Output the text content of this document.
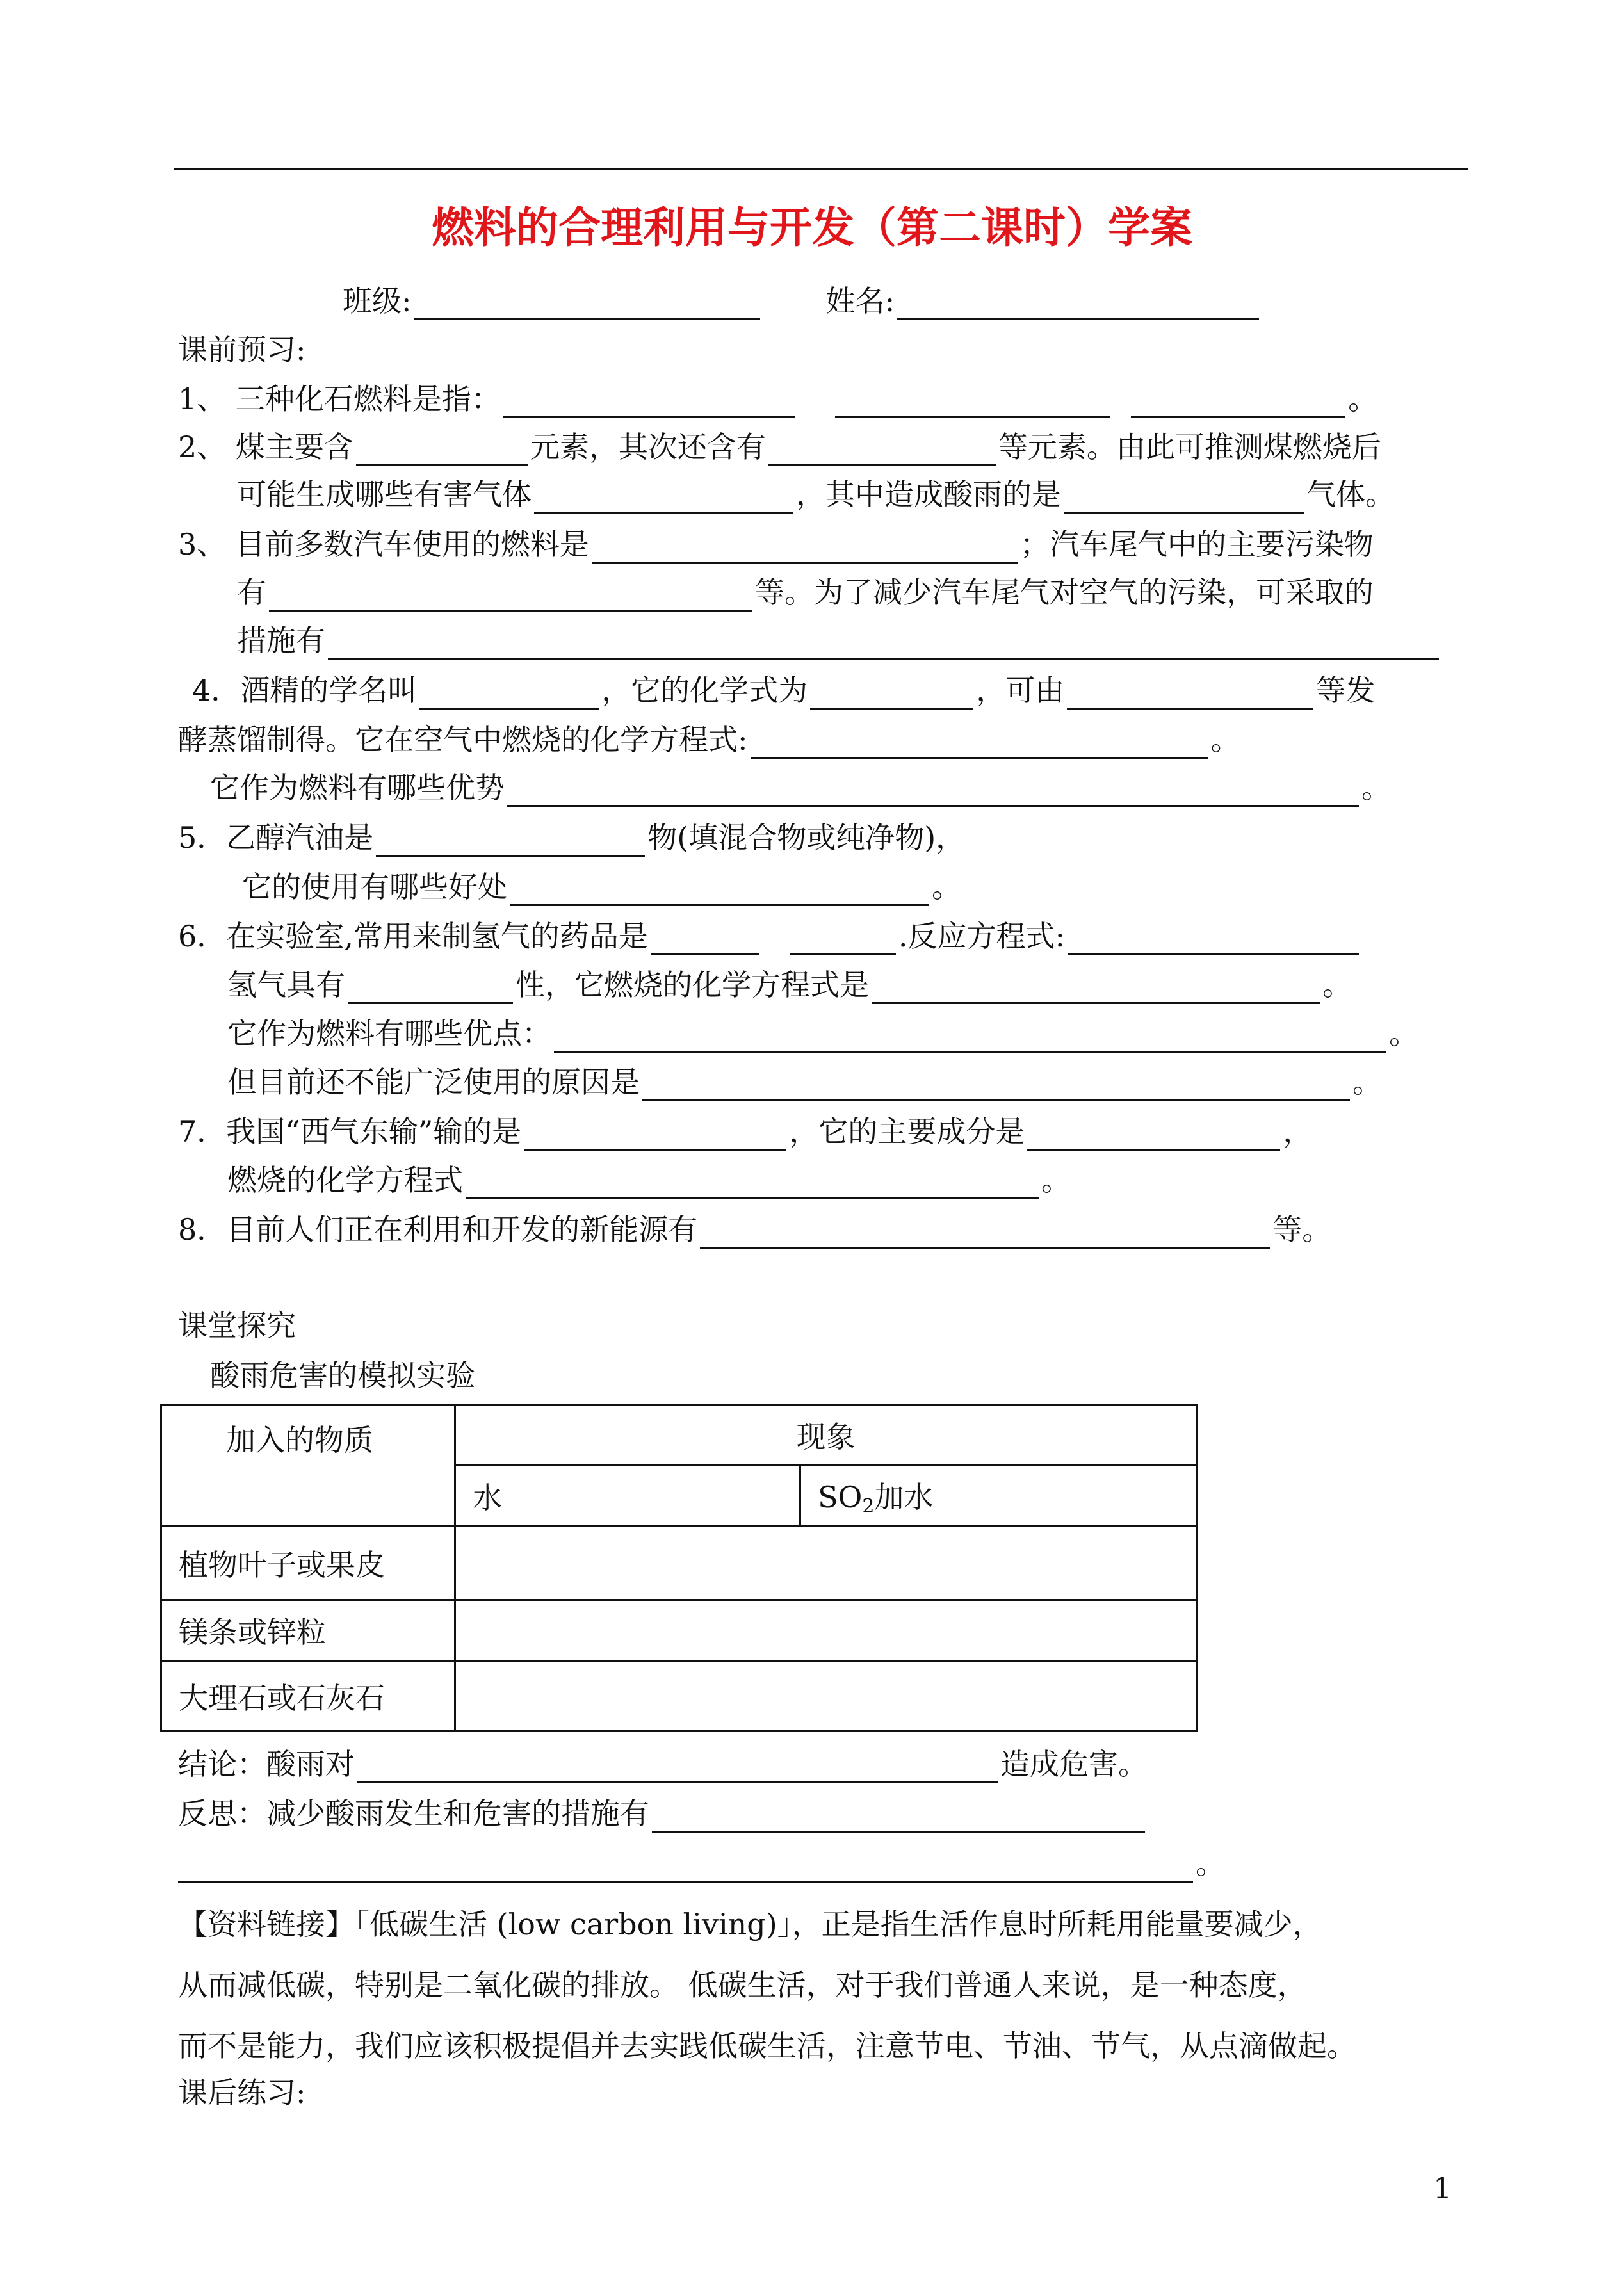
燃料的合理利用与开发（第二课时）学案
班级:	姓名:
课前预习:
1、 三种化石燃料是指：	。
2、 煤主要含	元素，其次还含有	等元素。由此可推测煤燃烧后
可能生成哪些有害气体	，其中造成酸雨的是	气体。
3、 目前多数汽车使用的燃料是	；汽车尾气中的主要污染物
有	等。为了减少汽车尾气对空气的污染，可采取的
措施有
4．酒精的学名叫	，它的化学式为	，可由	等发
酵蒸馏制得。它在空气中燃烧的化学方程式:	。
它作为燃料有哪些优势	。
5．乙醇汽油是	物(填混合物或纯净物)，
它的使用有哪些好处	。
6．在实验室,常用来制氢气的药品是	.反应方程式:
氢气具有	性，它燃烧的化学方程式是	。
它作为燃料有哪些优点：	。
但目前还不能广泛使用的原因是	。
7．我国“西气东输”输的是	，它的主要成分是	，
燃烧的化学方程式	。
8．目前人们正在利用和开发的新能源有	等。
课堂探究
酸雨危害的模拟实验
加入的物质	现象	
	水	$SO_2$加水
植物叶子或果皮		
镁条或锌粒		
大理石或石灰石		
结论：酸雨对	造成危害。
反思：减少酸雨发生和危害的措施有
。
【资料链接】「低碳生活 (low carbon living)」，正是指生活作息时所耗用能量要减少，
从而减低碳，特别是二氧化碳的排放。 低碳生活，对于我们普通人来说，是一种态度，
而不是能力，我们应该积极提倡并去实践低碳生活，注意节电、节油、节气，从点滴做起。
课后练习:
1
